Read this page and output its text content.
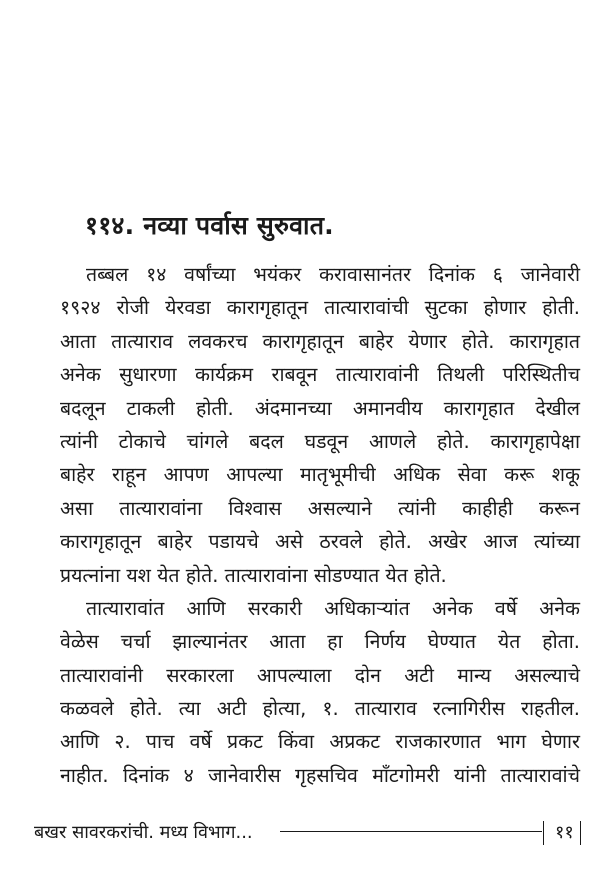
११४. नव्या पर्वास सुरुवात.
तब्बल १४ वर्षांच्या भयंकर करावासानंतर दिनांक ६ जानेवारी
१९२४ रोजी येरवडा कारागृहातून तात्यारावांची सुटका होणार होती.
आता तात्याराव लवकरच कारागृहातून बाहेर येणार होते. कारागृहात
अनेक सुधारणा कार्यक्रम राबवून तात्यारावांनी तिथली परिस्थितीच
बदलून टाकली होती. अंदमानच्या अमानवीय कारागृहात देखील
त्यांनी टोकाचे चांगले बदल घडवून आणले होते. कारागृहापेक्षा
बाहेर राहून आपण आपल्या मातृभूमीची अधिक सेवा करू शकू
असा तात्यारावांना विश्वास असल्याने त्यांनी काहीही करून
कारागृहातून बाहेर पडायचे असे ठरवले होते. अखेर आज त्यांच्या
प्रयत्नांना यश येत होते. तात्यारावांना सोडण्यात येत होते.
तात्यारावांत आणि सरकारी अधिकाऱ्यांत अनेक वर्षे अनेक
वेळेस चर्चा झाल्यानंतर आता हा निर्णय घेण्यात येत होता.
तात्यारावांनी सरकारला आपल्याला दोन अटी मान्य असल्याचे
कळवले होते. त्या अटी होत्या, १. तात्याराव रत्नागिरीस राहतील.
आणि २. पाच वर्षे प्रकट किंवा अप्रकट राजकारणात भाग घेणार
नाहीत. दिनांक ४ जानेवारीस गृहसचिव मॉंटगोमरी यांनी तात्यारावांचे
बखर सावरकरांची. मध्य विभाग...	११
